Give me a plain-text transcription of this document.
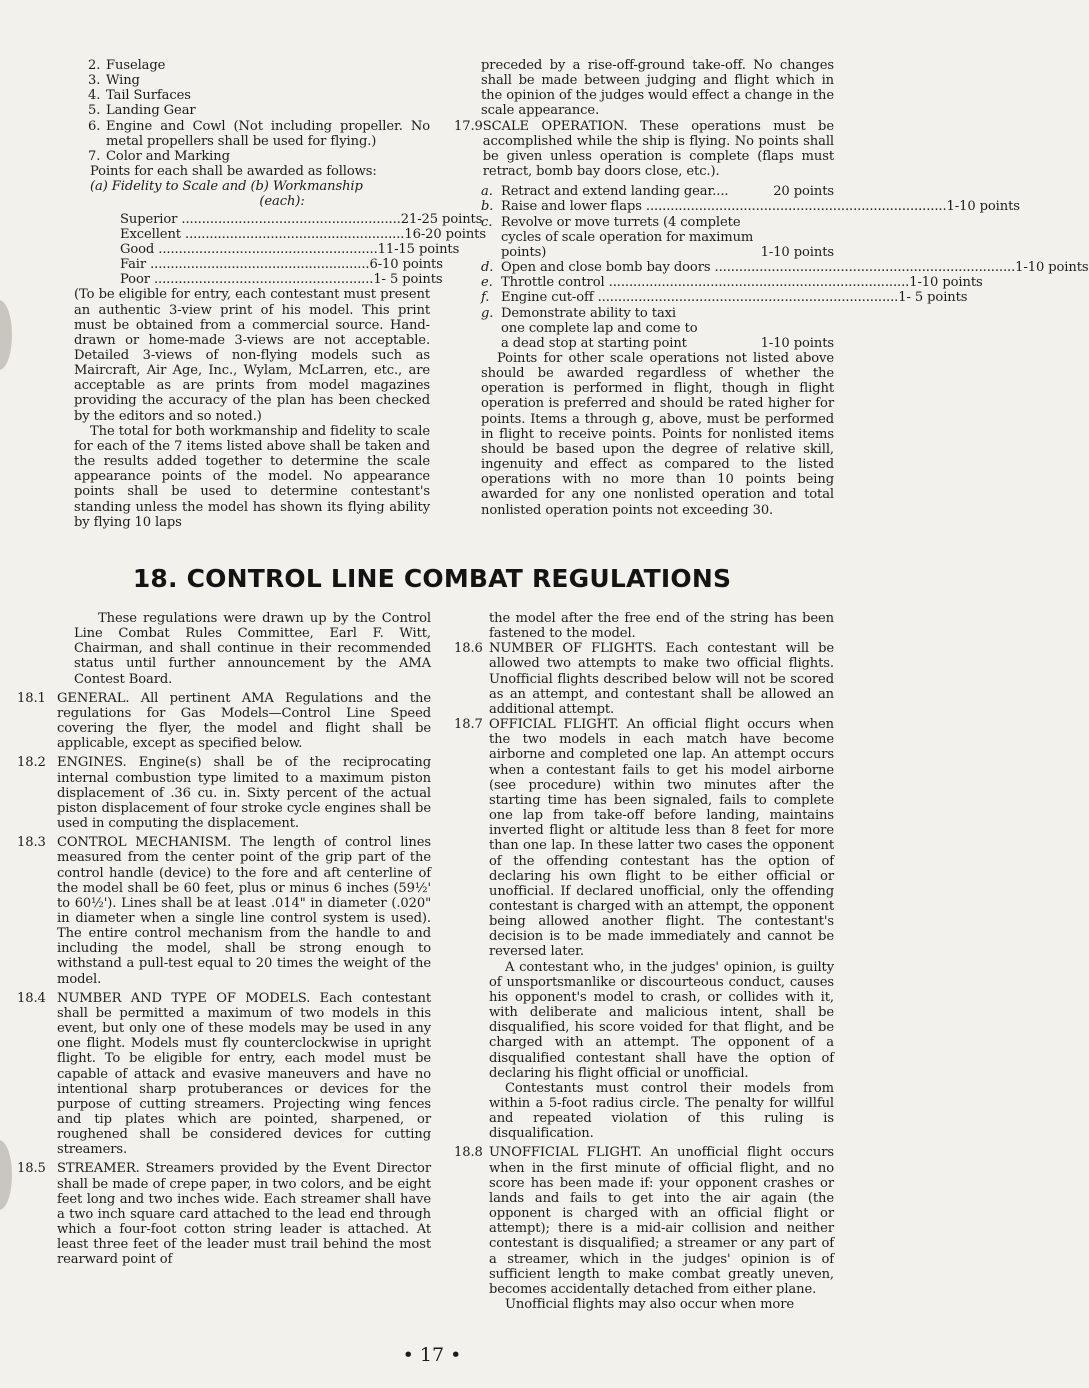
2. Fuselage
3. Wing
4. Tail Surfaces
5. Landing Gear
6. Engine and Cowl (Not including propeller. No metal propellers shall be used for flying.)
7. Color and Marking

Points for each shall be awarded as follows:

(a) Fidelity to Scale and (b) Workmanship
(each):
Superior .....	21-25 points
Excellent .....	16-20 points
Good .....	11-15 points
Fair .....	6-10 points
Poor .....	1- 5 points

(To be eligible for entry, each contestant must present an authentic 3-view print of his model. This print must be obtained from a commercial source. Hand-drawn or home-made 3-views are not acceptable. Detailed 3-views of non-flying models such as Maircraft, Air Age, Inc., Wylam, McLarren, etc., are acceptable as are prints from model magazines providing the accuracy of the plan has been checked by the editors and so noted.)

The total for both workmanship and fidelity to scale for each of the 7 items listed above shall be taken and the results added together to determine the scale appearance points of the model. No appearance points shall be used to determine contestant's standing unless the model has shown its flying ability by flying 10 laps

preceded by a rise-off-ground take-off. No changes shall be made between judging and flight which in the opinion of the judges would effect a change in the scale appearance.

17.9 SCALE OPERATION. These operations must be accomplished while the ship is flying. No points shall be given unless operation is complete (flaps must retract, bomb bay doors close, etc.).
a. Retract and extend landing gear....	20 points
b. Raise and lower flaps .....	1-10 points
c. Revolve or move turrets (4 complete cycles of scale operation for maximum points)	1-10 points
d. Open and close bomb bay doors .....	1-10 points
e. Throttle control .....	1-10 points
f. Engine cut-off .....	1- 5 points
g. Demonstrate ability to taxi one complete lap and come to a dead stop at starting point	1-10 points

Points for other scale operations not listed above should be awarded regardless of whether the operation is performed in flight, though in flight operation is preferred and should be rated higher for points. Items a through g, above, must be performed in flight to receive points. Points for nonlisted items should be based upon the degree of relative skill, ingenuity and effect as compared to the listed operations with no more than 10 points being awarded for any one nonlisted operation and total nonlisted operation points not exceeding 30.

18. CONTROL LINE COMBAT REGULATIONS

These regulations were drawn up by the Control Line Combat Rules Committee, Earl F. Witt, Chairman, and shall continue in their recommended status until further announcement by the AMA Contest Board.

18.1 GENERAL. All pertinent AMA Regulations and the regulations for Gas Models—Control Line Speed covering the flyer, the model and flight shall be applicable, except as specified below.
18.2 ENGINES. Engine(s) shall be of the reciprocating internal combustion type limited to a maximum piston displacement of .36 cu. in. Sixty percent of the actual piston displacement of four stroke cycle engines shall be used in computing the displacement.
18.3 CONTROL MECHANISM. The length of control lines measured from the center point of the grip part of the control handle (device) to the fore and aft centerline of the model shall be 60 feet, plus or minus 6 inches (59½' to 60½'). Lines shall be at least .014" in diameter (.020" in diameter when a single line control system is used). The entire control mechanism from the handle to and including the model, shall be strong enough to withstand a pull-test equal to 20 times the weight of the model.
18.4 NUMBER AND TYPE OF MODELS. Each contestant shall be permitted a maximum of two models in this event, but only one of these models may be used in any one flight. Models must fly counterclockwise in upright flight. To be eligible for entry, each model must be capable of attack and evasive maneuvers and have no intentional sharp protuberances or devices for the purpose of cutting streamers. Projecting wing fences and tip plates which are pointed, sharpened, or roughened shall be considered devices for cutting streamers.
18.5 STREAMER. Streamers provided by the Event Director shall be made of crepe paper, in two colors, and be eight feet long and two inches wide. Each streamer shall have a two inch square card attached to the lead end through which a four-foot cotton string leader is attached. At least three feet of the leader must trail behind the most rearward point of

the model after the free end of the string has been fastened to the model.

18.6 NUMBER OF FLIGHTS. Each contestant will be allowed two attempts to make two official flights. Unofficial flights described below will not be scored as an attempt, and contestant shall be allowed an additional attempt.
18.7 OFFICIAL FLIGHT. An official flight occurs when the two models in each match have become airborne and completed one lap. An attempt occurs when a contestant fails to get his model airborne (see procedure) within two minutes after the starting time has been signaled, fails to complete one lap from take-off before landing, maintains inverted flight or altitude less than 8 feet for more than one lap. In these latter two cases the opponent of the offending contestant has the option of declaring his own flight to be either official or unofficial. If declared unofficial, only the offending contestant is charged with an attempt, the opponent being allowed another flight. The contestant's decision is to be made immediately and cannot be reversed later.

A contestant who, in the judges' opinion, is guilty of unsportsmanlike or discourteous conduct, causes his opponent's model to crash, or collides with it, with deliberate and malicious intent, shall be disqualified, his score voided for that flight, and be charged with an attempt. The opponent of a disqualified contestant shall have the option of declaring his flight official or unofficial.

Contestants must control their models from within a 5-foot radius circle. The penalty for willful and repeated violation of this ruling is disqualification.

18.8 UNOFFICIAL FLIGHT. An unofficial flight occurs when in the first minute of official flight, and no score has been made if: your opponent crashes or lands and fails to get into the air again (the opponent is charged with an official flight or attempt); there is a mid-air collision and neither contestant is disqualified; a streamer or any part of a streamer, which in the judges' opinion is of sufficient length to make combat greatly uneven, becomes accidentally detached from either plane.

Unofficial flights may also occur when more

• 17 •
